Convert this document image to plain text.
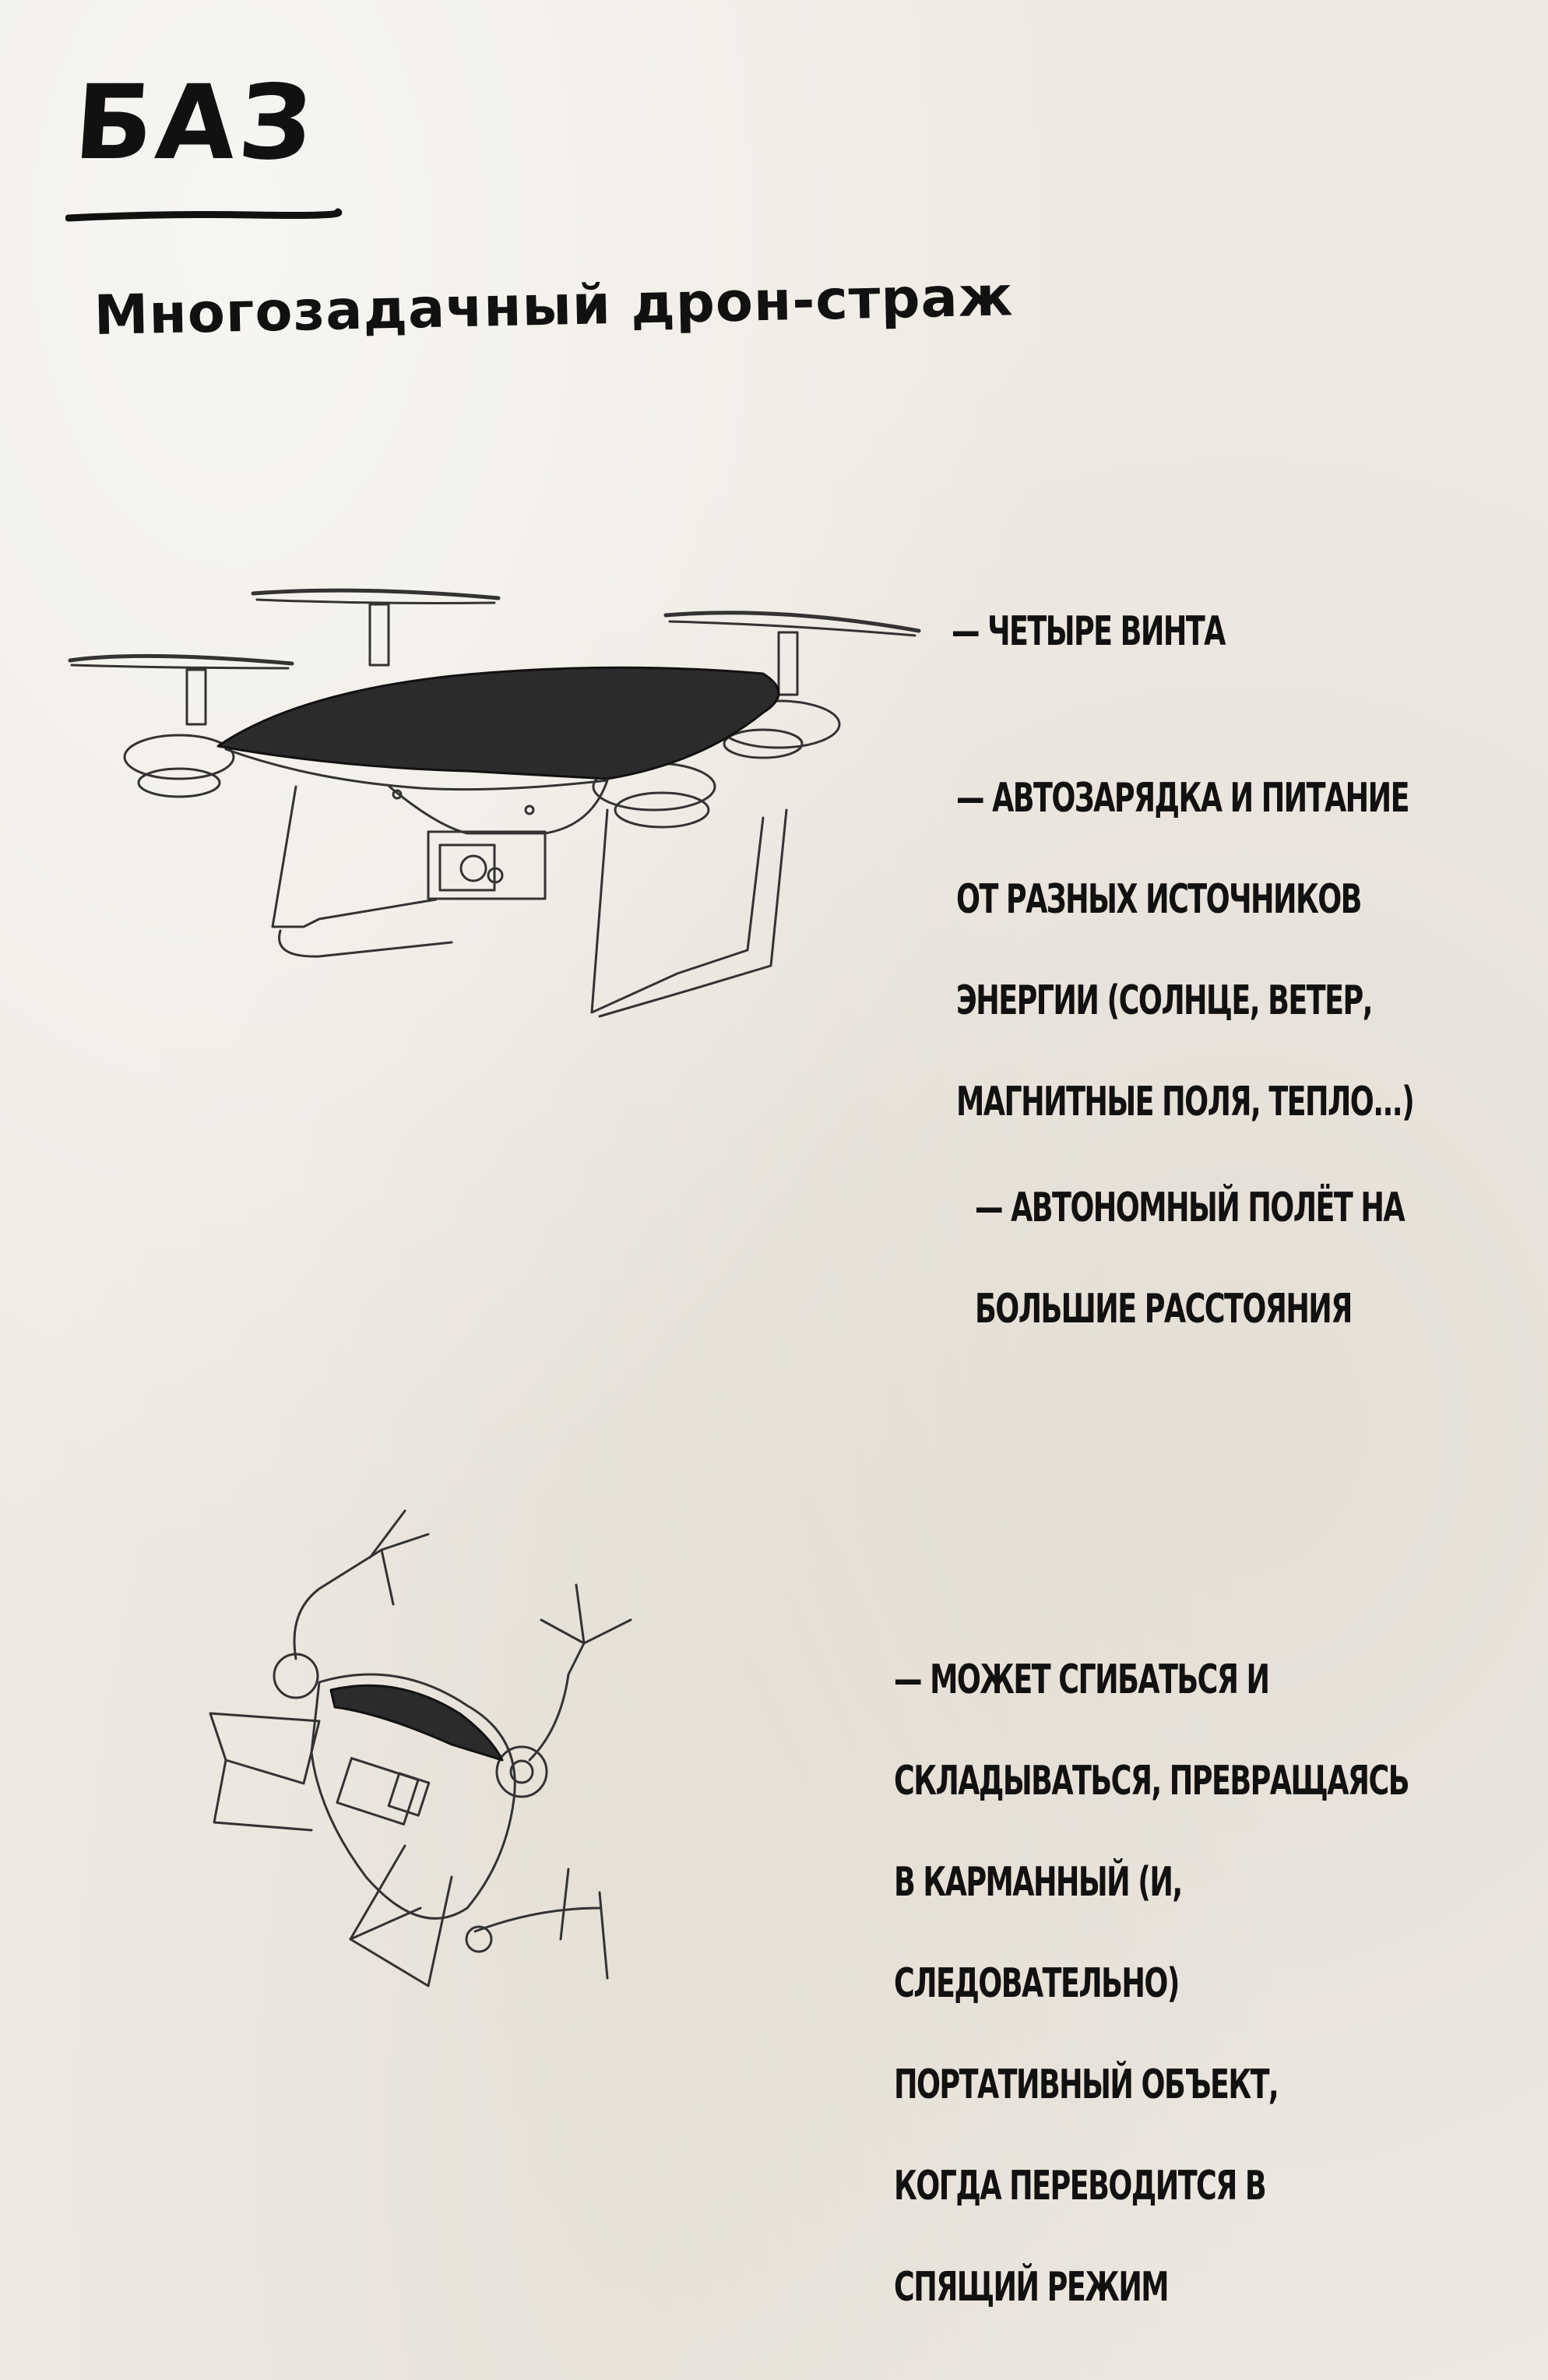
БАЗ
Многозадачный дрон-страж
— ЧЕТЫРЕ ВИНТА
— АВТОЗАРЯДКА И ПИТАНИЕ
ОТ РАЗНЫХ ИСТОЧНИКОВ
ЭНЕРГИИ (СОЛНЦЕ, ВЕТЕР,
МАГНИТНЫЕ ПОЛЯ, ТЕПЛО...)
— АВТОНОМНЫЙ ПОЛЁТ НА
БОЛЬШИЕ РАССТОЯНИЯ
— МОЖЕТ СГИБАТЬСЯ И
СКЛАДЫВАТЬСЯ, ПРЕВРАЩАЯСЬ
В КАРМАННЫЙ (И,
СЛЕДОВАТЕЛЬНО)
ПОРТАТИВНЫЙ ОБЪЕКТ,
КОГДА ПЕРЕВОДИТСЯ В
СПЯЩИЙ РЕЖИМ
